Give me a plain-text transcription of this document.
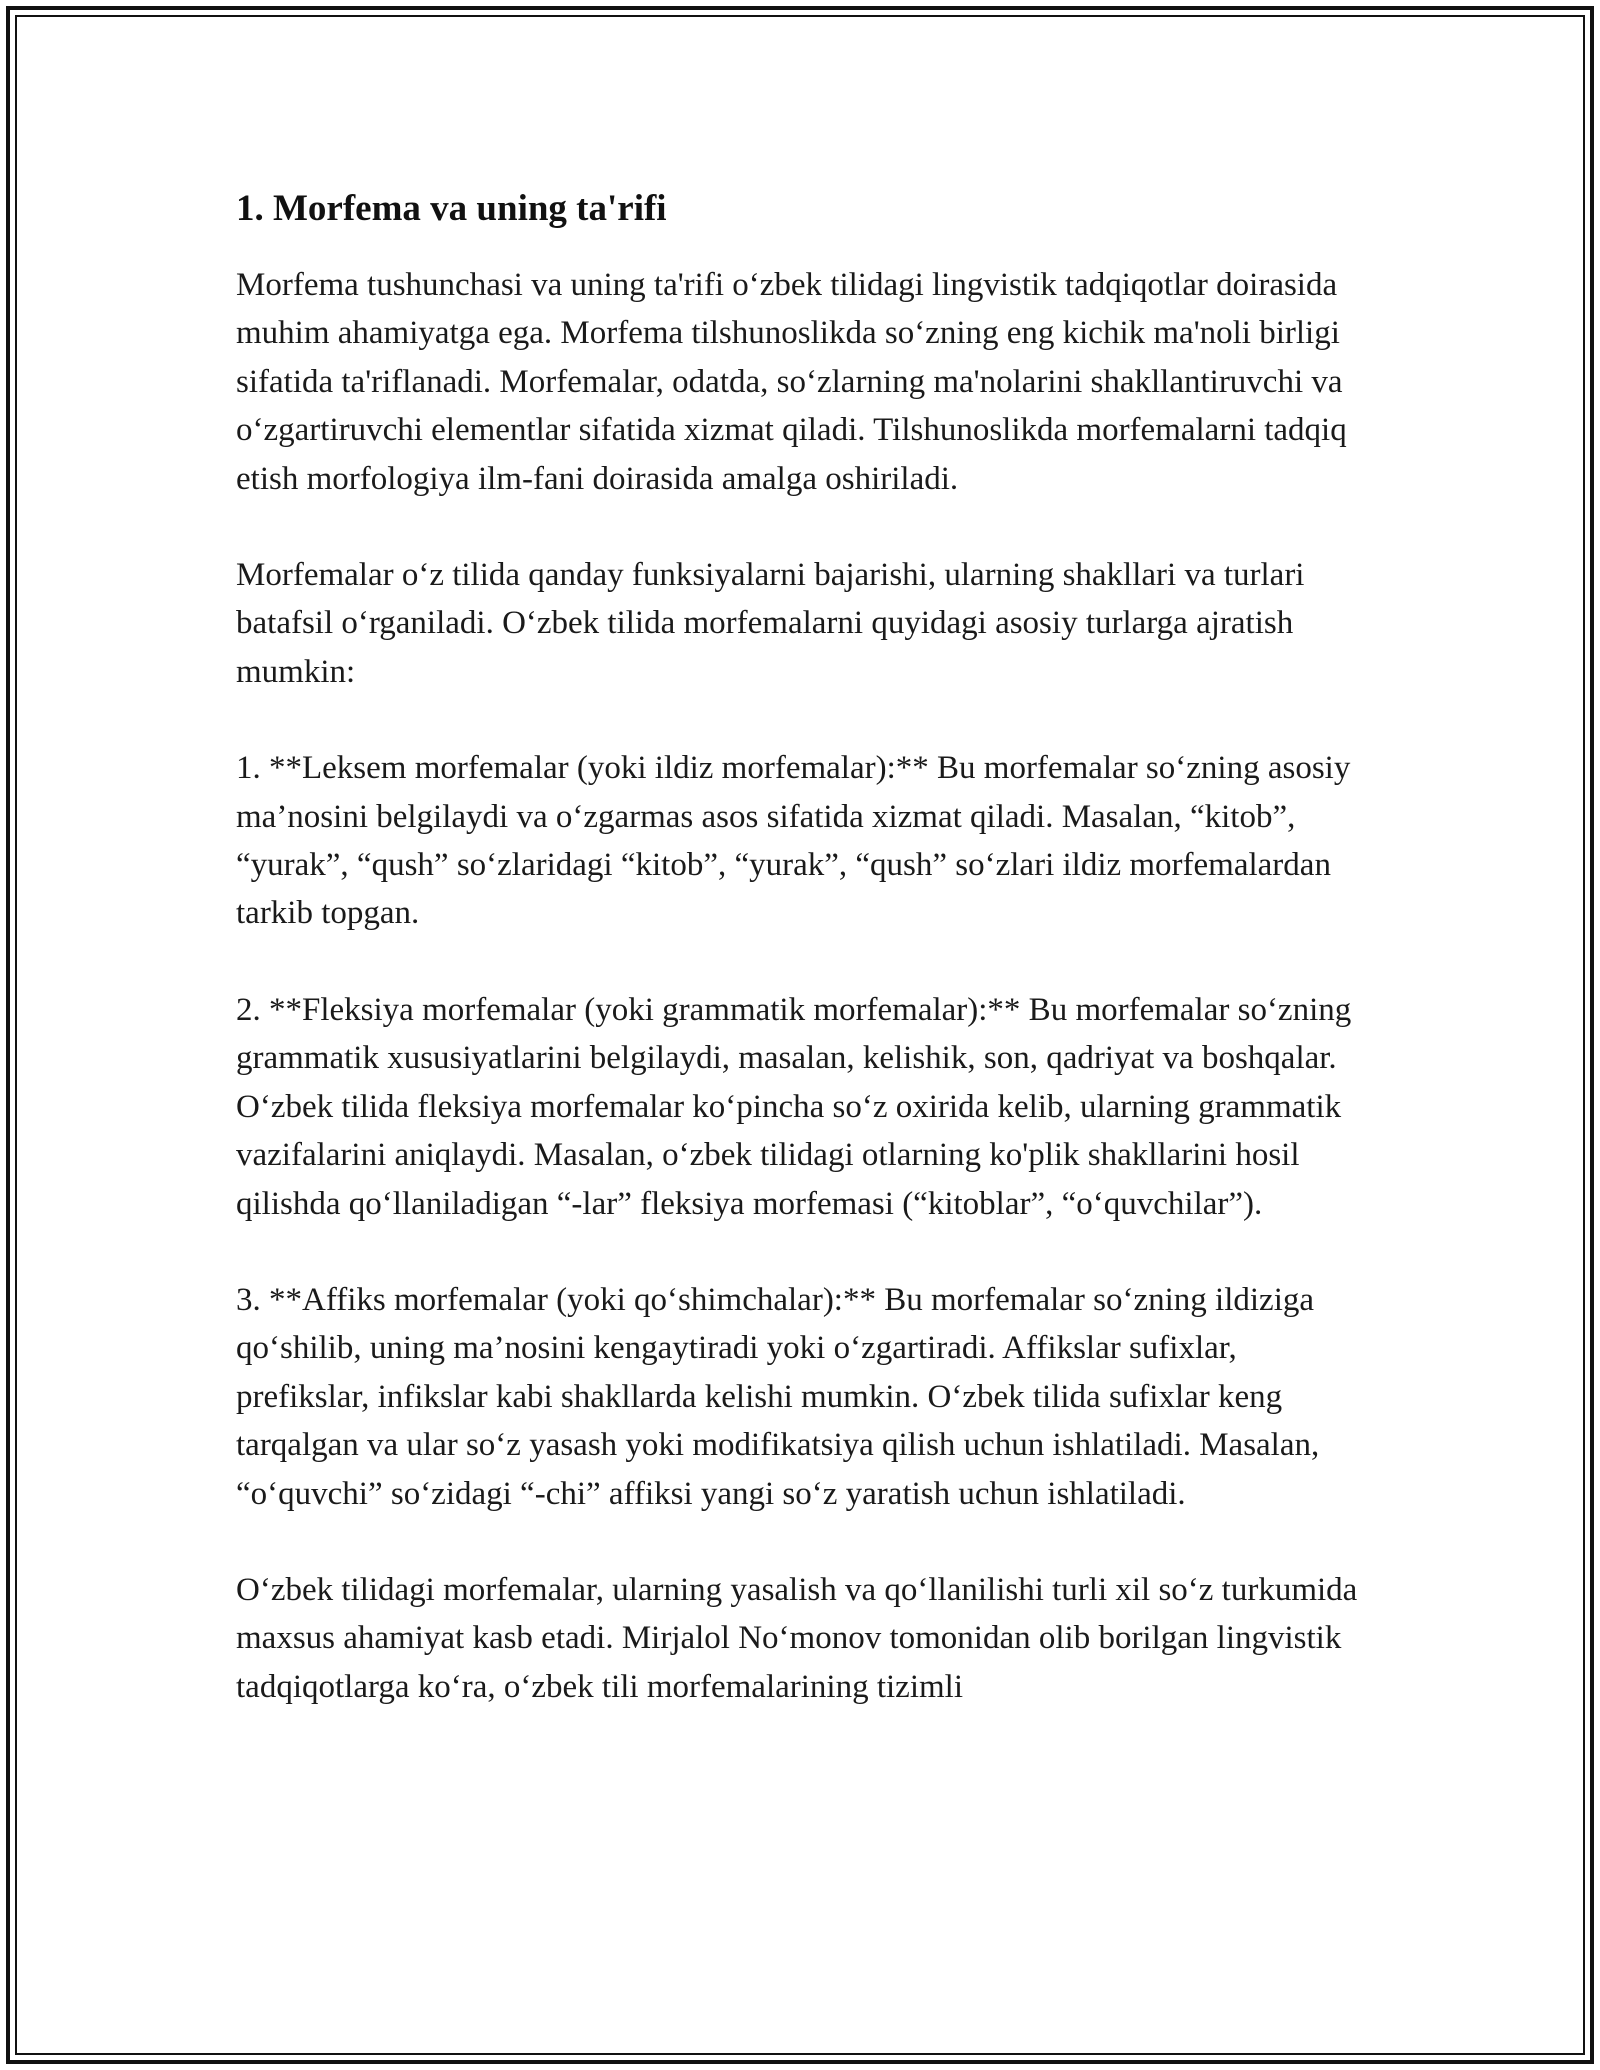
1. Morfema va uning ta'rifi

Morfema tushunchasi va uning ta'rifi o‘zbek tilidagi lingvistik tadqiqotlar doirasida muhim ahamiyatga ega. Morfema tilshunoslikda so‘zning eng kichik ma'noli birligi sifatida ta'riflanadi. Morfemalar, odatda, so‘zlarning ma'nolarini shakllantiruvchi va o‘zgartiruvchi elementlar sifatida xizmat qiladi. Tilshunoslikda morfemalarni tadqiq etish morfologiya ilm-fani doirasida amalga oshiriladi.

Morfemalar o‘z tilida qanday funksiyalarni bajarishi, ularning shakllari va turlari batafsil o‘rganiladi. O‘zbek tilida morfemalarni quyidagi asosiy turlarga ajratish mumkin:

1. **Leksem morfemalar (yoki ildiz morfemalar):** Bu morfemalar so‘zning asosiy ma’nosini belgilaydi va o‘zgarmas asos sifatida xizmat qiladi. Masalan, “kitob”, “yurak”, “qush” so‘zlaridagi “kitob”, “yurak”, “qush” so‘zlari ildiz morfemalardan tarkib topgan.

2. **Fleksiya morfemalar (yoki grammatik morfemalar):** Bu morfemalar so‘zning grammatik xususiyatlarini belgilaydi, masalan, kelishik, son, qadriyat va boshqalar. O‘zbek tilida fleksiya morfemalar ko‘pincha so‘z oxirida kelib, ularning grammatik vazifalarini aniqlaydi. Masalan, o‘zbek tilidagi otlarning ko'plik shakllarini hosil qilishda qo‘llaniladigan “-lar” fleksiya morfemasi (“kitoblar”, “o‘quvchilar”).

3. **Affiks morfemalar (yoki qo‘shimchalar):** Bu morfemalar so‘zning ildiziga qo‘shilib, uning ma’nosini kengaytiradi yoki o‘zgartiradi. Affikslar sufixlar, prefikslar, infikslar kabi shakllarda kelishi mumkin. O‘zbek tilida sufixlar keng tarqalgan va ular so‘z yasash yoki modifikatsiya qilish uchun ishlatiladi. Masalan, “o‘quvchi” so‘zidagi “-chi” affiksi yangi so‘z yaratish uchun ishlatiladi.

O‘zbek tilidagi morfemalar, ularning yasalish va qo‘llanilishi turli xil so‘z turkumida maxsus ahamiyat kasb etadi. Mirjalol No‘monov tomonidan olib borilgan lingvistik tadqiqotlarga ko‘ra, o‘zbek tili morfemalarining tizimli
